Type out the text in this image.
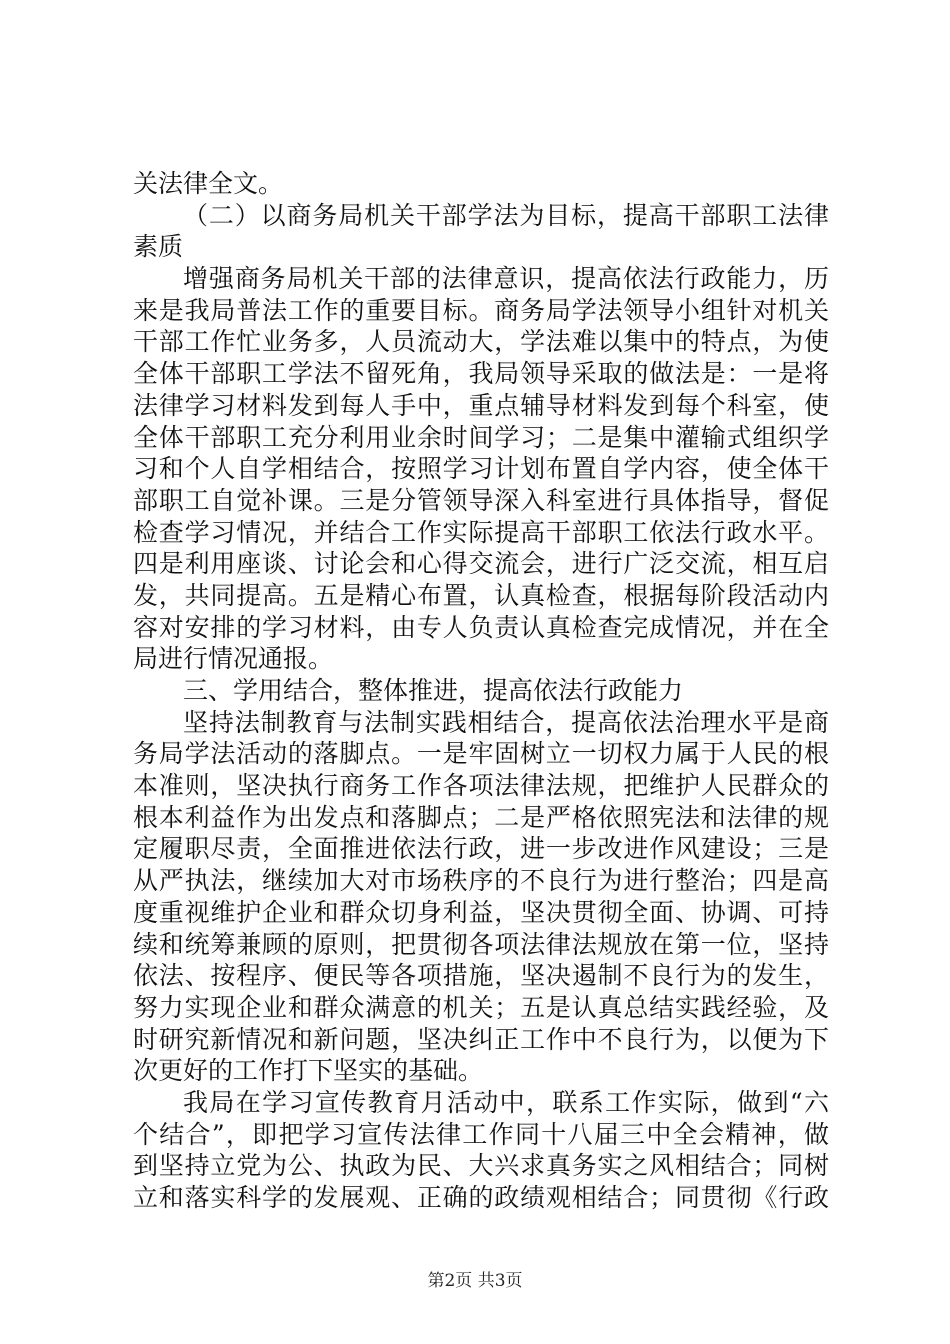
关法律全文。
（二）以商务局机关干部学法为目标，提高干部职工法律
素质
增强商务局机关干部的法律意识，提高依法行政能力，历
来是我局普法工作的重要目标。商务局学法领导小组针对机关
干部工作忙业务多，人员流动大，学法难以集中的特点，为使
全体干部职工学法不留死角，我局领导采取的做法是：一是将
法律学习材料发到每人手中，重点辅导材料发到每个科室，使
全体干部职工充分利用业余时间学习；二是集中灌输式组织学
习和个人自学相结合，按照学习计划布置自学内容，使全体干
部职工自觉补课。三是分管领导深入科室进行具体指导，督促
检查学习情况，并结合工作实际提高干部职工依法行政水平。
四是利用座谈、讨论会和心得交流会，进行广泛交流，相互启
发，共同提高。五是精心布置，认真检查，根据每阶段活动内
容对安排的学习材料，由专人负责认真检查完成情况，并在全
局进行情况通报。
三、学用结合，整体推进，提高依法行政能力
坚持法制教育与法制实践相结合，提高依法治理水平是商
务局学法活动的落脚点。一是牢固树立一切权力属于人民的根
本准则，坚决执行商务工作各项法律法规，把维护人民群众的
根本利益作为出发点和落脚点；二是严格依照宪法和法律的规
定履职尽责，全面推进依法行政，进一步改进作风建设；三是
从严执法，继续加大对市场秩序的不良行为进行整治；四是高
度重视维护企业和群众切身利益，坚决贯彻全面、协调、可持
续和统筹兼顾的原则，把贯彻各项法律法规放在第一位，坚持
依法、按程序、便民等各项措施，坚决遏制不良行为的发生，
努力实现企业和群众满意的机关；五是认真总结实践经验，及
时研究新情况和新问题，坚决纠正工作中不良行为，以便为下
次更好的工作打下坚实的基础。
我局在学习宣传教育月活动中，联系工作实际，做到“六
个结合”，即把学习宣传法律工作同十八届三中全会精神，做
到坚持立党为公、执政为民、大兴求真务实之风相结合；同树
立和落实科学的发展观、正确的政绩观相结合；同贯彻《行政
第2页 共3页
